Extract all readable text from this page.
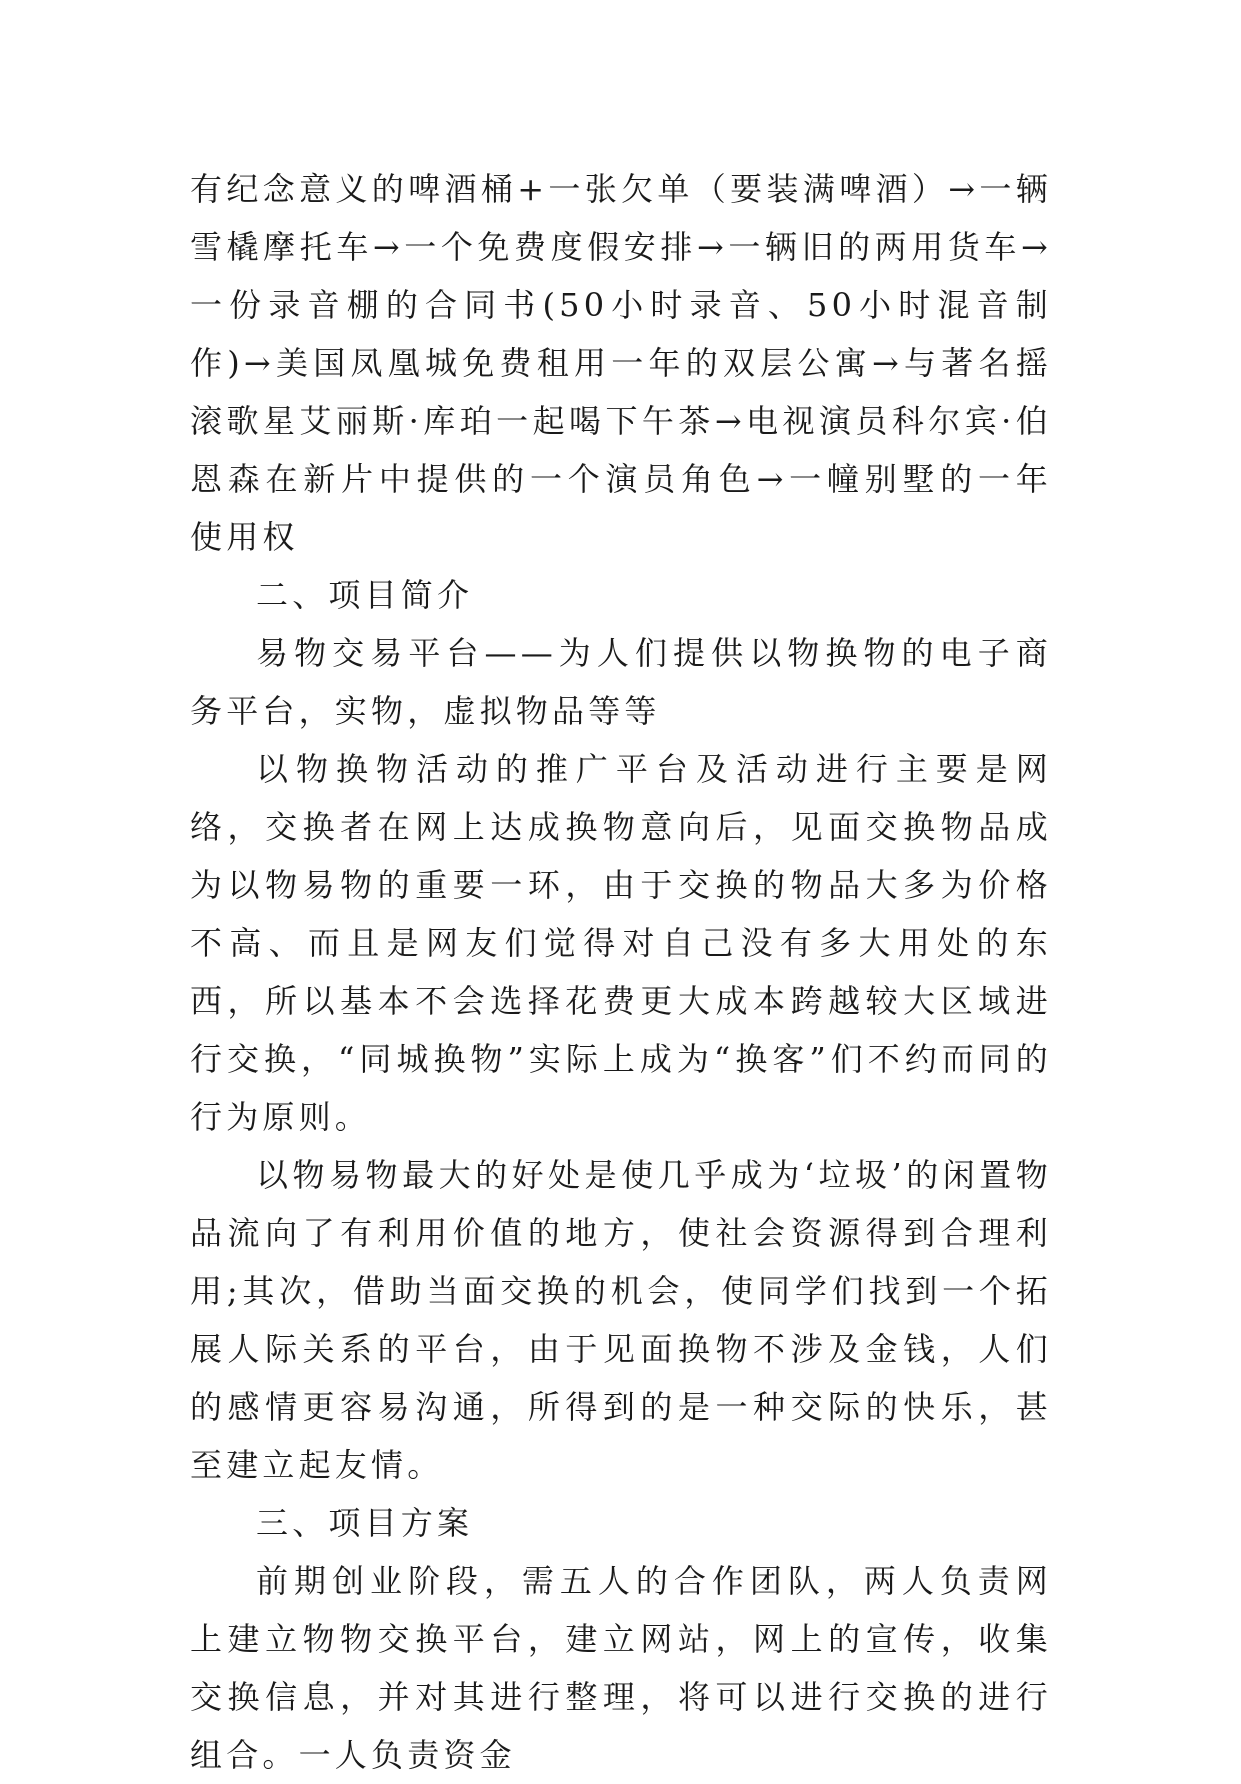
有纪念意义的啤酒桶+一张欠单（要装满啤酒）→一辆雪橇摩托车→一个免费度假安排→一辆旧的两用货车→一份录音棚的合同书(50小时录音、50小时混音制作)→美国凤凰城免费租用一年的双层公寓→与著名摇滚歌星艾丽斯·库珀一起喝下午茶→电视演员科尔宾·伯恩森在新片中提供的一个演员角色→一幢别墅的一年使用权

二、项目简介

易物交易平台——为人们提供以物换物的电子商务平台，实物，虚拟物品等等

以物换物活动的推广平台及活动进行主要是网络，交换者在网上达成换物意向后，见面交换物品成为以物易物的重要一环，由于交换的物品大多为价格不高、而且是网友们觉得对自己没有多大用处的东西，所以基本不会选择花费更大成本跨越较大区域进行交换，“同城换物”实际上成为“换客”们不约而同的行为原则。

以物易物最大的好处是使几乎成为‘垃圾’的闲置物品流向了有利用价值的地方，使社会资源得到合理利用;其次，借助当面交换的机会，使同学们找到一个拓展人际关系的平台，由于见面换物不涉及金钱，人们的感情更容易沟通，所得到的是一种交际的快乐，甚至建立起友情。

三、项目方案

前期创业阶段，需五人的合作团队，两人负责网上建立物物交换平台，建立网站，网上的宣传，收集交换信息，并对其进行整理，将可以进行交换的进行组合。一人负责资金
